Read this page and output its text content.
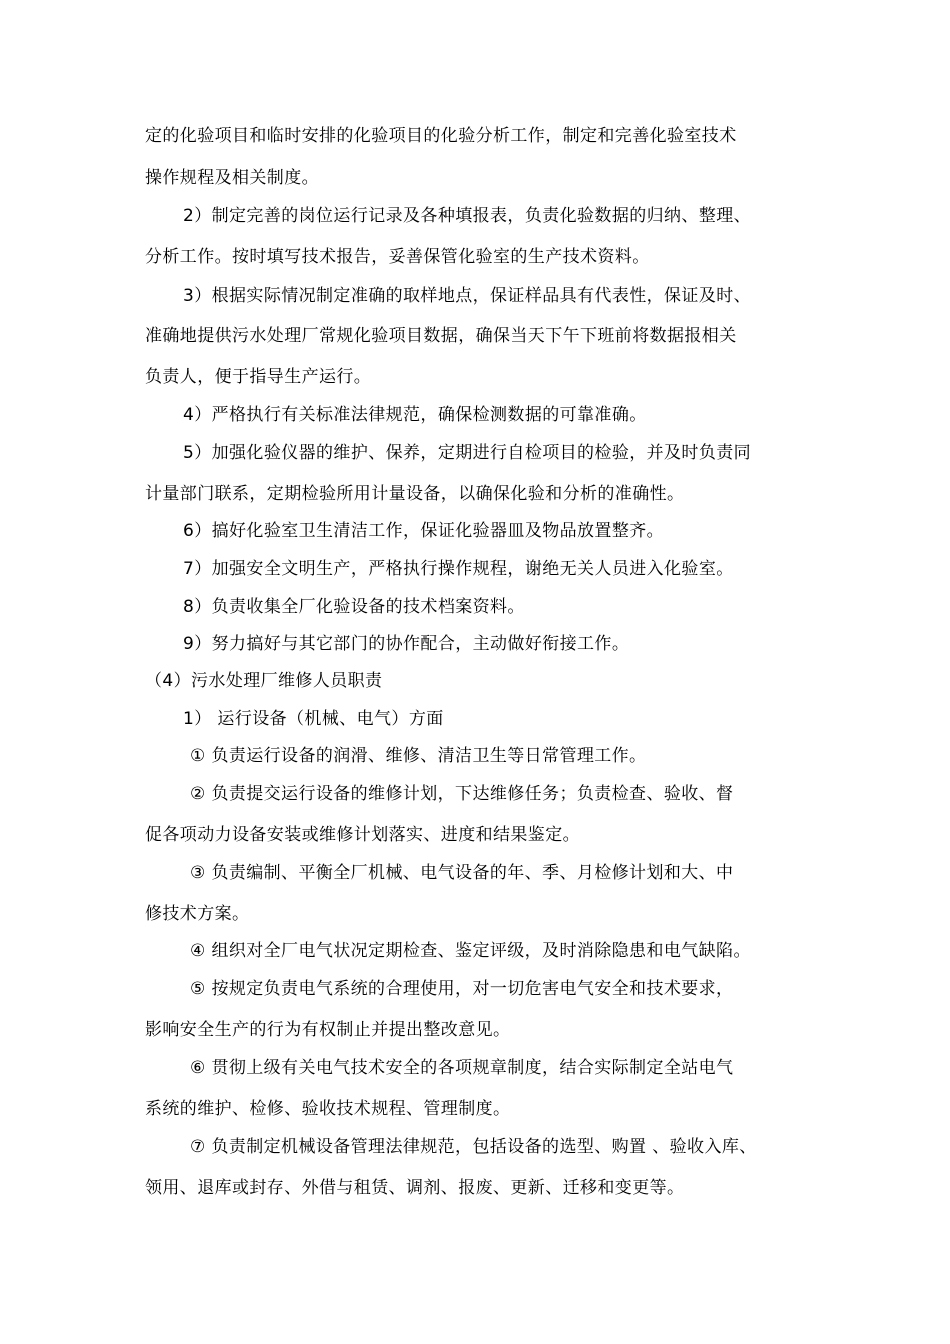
定的化验项目和临时安排的化验项目的化验分析工作，制定和完善化验室技术
操作规程及相关制度。
2）制定完善的岗位运行记录及各种填报表，负责化验数据的归纳、整理、
分析工作。按时填写技术报告，妥善保管化验室的生产技术资料。
3）根据实际情况制定准确的取样地点，保证样品具有代表性，保证及时、
准确地提供污水处理厂常规化验项目数据，确保当天下午下班前将数据报相关
负责人，便于指导生产运行。
4）严格执行有关标准法律规范，确保检测数据的可靠准确。
5）加强化验仪器的维护、保养，定期进行自检项目的检验，并及时负责同
计量部门联系，定期检验所用计量设备，以确保化验和分析的准确性。
6）搞好化验室卫生清洁工作，保证化验器皿及物品放置整齐。
7）加强安全文明生产，严格执行操作规程，谢绝无关人员进入化验室。
8）负责收集全厂化验设备的技术档案资料。
9）努力搞好与其它部门的协作配合，主动做好衔接工作。
（4）污水处理厂维修人员职责
1） 运行设备（机械、电气）方面
① 负责运行设备的润滑、维修、清洁卫生等日常管理工作。
② 负责提交运行设备的维修计划，下达维修任务；负责检查、验收、督
促各项动力设备安装或维修计划落实、进度和结果鉴定。
③ 负责编制、平衡全厂机械、电气设备的年、季、月检修计划和大、中
修技术方案。
④ 组织对全厂电气状况定期检查、鉴定评级，及时消除隐患和电气缺陷。
⑤ 按规定负责电气系统的合理使用，对一切危害电气安全和技术要求，
影响安全生产的行为有权制止并提出整改意见。
⑥ 贯彻上级有关电气技术安全的各项规章制度，结合实际制定全站电气
系统的维护、检修、验收技术规程、管理制度。
⑦ 负责制定机械设备管理法律规范，包括设备的选型、购置 、验收入库、
领用、退库或封存、外借与租赁、调剂、报废、更新、迁移和变更等。
